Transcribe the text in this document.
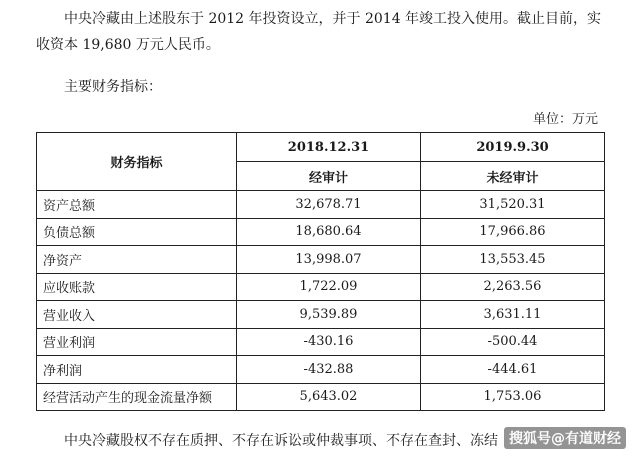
中央冷藏由上述股东于 2012 年投资设立，并于 2014 年竣工投入使用。截止目前，实收资本 19,680 万元人民币。

主要财务指标：

单位：万元
财务指标	2018.12.31	2019.9.30
	经审计	未经审计
资产总额	32,678.71	31,520.31
负债总额	18,680.64	17,966.86
净资产	13,998.07	13,553.45
应收账款	1,722.09	2,263.56
营业收入	9,539.89	3,631.11
营业利润	-430.16	-500.44
净利润	-432.88	-444.61
经营活动产生的现金流量净额	5,643.02	1,753.06
中央冷藏股权不存在质押、不存在诉讼或仲裁事项、不存在查封、冻结 搜狐号@有道财经
